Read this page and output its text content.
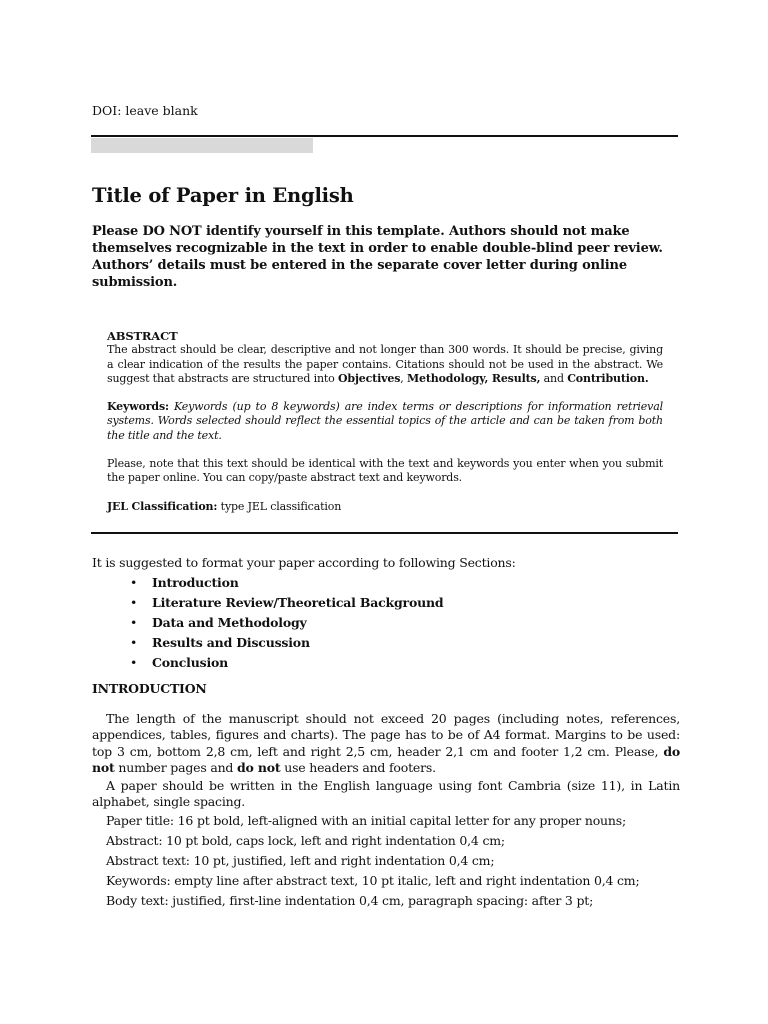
DOI: leave blank
Title of Paper in English
Please DO NOT identify yourself in this template. Authors should not make themselves recognizable in the text in order to enable double-blind peer review. Authors’ details must be entered in the separate cover letter during online submission.

ABSTRACT

The abstract should be clear, descriptive and not longer than 300 words. It should be precise, giving a clear indication of the results the paper contains. Citations should not be used in the abstract. We suggest that abstracts are structured into Objectives, Methodology, Results, and Contribution.

Keywords: Keywords (up to 8 keywords) are index terms or descriptions for information retrieval systems. Words selected should reflect the essential topics of the article and can be taken from both the title and the text.

Please, note that this text should be identical with the text and keywords you enter when you submit the paper online. You can copy/paste abstract text and keywords.

JEL Classification: type JEL classification

It is suggested to format your paper according to following Sections:
• Introduction
• Literature Review/Theoretical Background
• Data and Methodology
• Results and Discussion
• Conclusion
INTRODUCTION

The length of the manuscript should not exceed 20 pages (including notes, references, appendices, tables, figures and charts). The page has to be of A4 format. Margins to be used: top 3 cm, bottom 2,8 cm, left and right 2,5 cm, header 2,1 cm and footer 1,2 cm. Please, do not number pages and do not use headers and footers.

A paper should be written in the English language using font Cambria (size 11), in Latin alphabet, single spacing.

Paper title: 16 pt bold, left-aligned with an initial capital letter for any proper nouns;

Abstract: 10 pt bold, caps lock, left and right indentation 0,4 cm;

Abstract text: 10 pt, justified, left and right indentation 0,4 cm;

Keywords: empty line after abstract text, 10 pt italic, left and right indentation 0,4 cm;

Body text: justified, first-line indentation 0,4 cm, paragraph spacing: after 3 pt;
